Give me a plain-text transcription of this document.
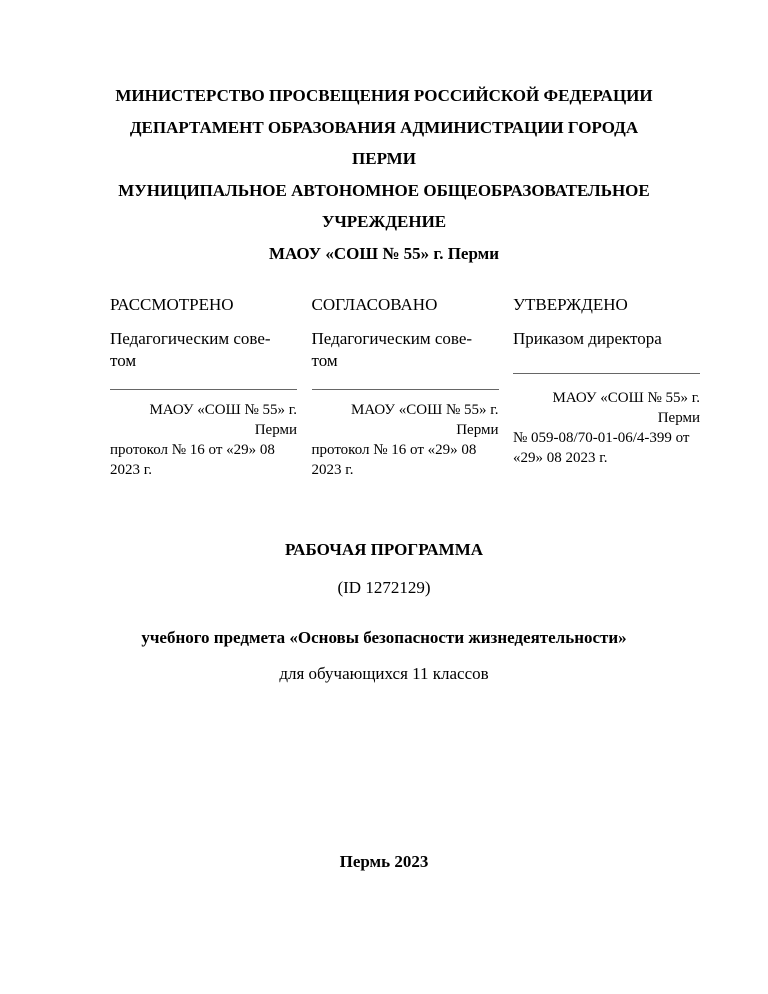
МИНИСТЕРСТВО ПРОСВЕЩЕНИЯ РОССИЙСКОЙ ФЕДЕРАЦИИ
ДЕПАРТАМЕНТ ОБРАЗОВАНИЯ АДМИНИСТРАЦИИ ГОРОДА
ПЕРМИ
МУНИЦИПАЛЬНОЕ АВТОНОМНОЕ ОБЩЕОБРАЗОВАТЕЛЬНОЕ
УЧРЕЖДЕНИЕ
МАОУ «СОШ № 55» г. Перми
РАССМОТРЕНО
Педагогическим сове-
том
МАОУ «СОШ № 55» г.
Перми
протокол № 16 от «29» 08
2023 г.
СОГЛАСОВАНО
Педагогическим сове-
том
МАОУ «СОШ № 55» г.
Перми
протокол № 16 от «29» 08
2023 г.
УТВЕРЖДЕНО
Приказом директора
МАОУ «СОШ № 55» г.
Перми
№ 059-08/70-01-06/4-399 от
«29» 08 2023 г.
РАБОЧАЯ ПРОГРАММА
(ID 1272129)
учебного предмета «Основы безопасности жизнедеятельности»
для обучающихся 11 классов
Пермь 2023
